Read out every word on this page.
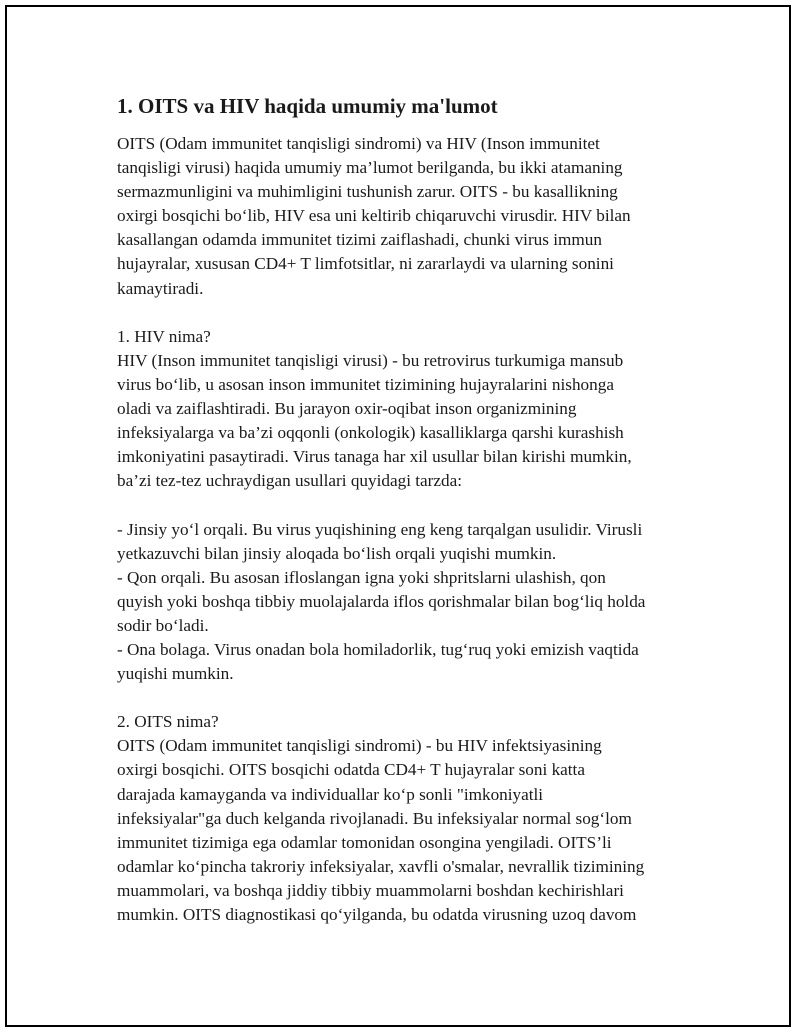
1. OITS va HIV haqida umumiy ma'lumot

OITS (Odam immunitet tanqisligi sindromi) va HIV (Inson immunitet

tanqisligi virusi) haqida umumiy ma’lumot berilganda, bu ikki atamaning

sermazmunligini va muhimligini tushunish zarur. OITS - bu kasallikning

oxirgi bosqichi bo‘lib, HIV esa uni keltirib chiqaruvchi virusdir. HIV bilan

kasallangan odamda immunitet tizimi zaiflashadi, chunki virus immun

hujayralar, xususan CD4+ T limfotsitlar, ni zararlaydi va ularning sonini

kamaytiradi.

1. HIV nima?

HIV (Inson immunitet tanqisligi virusi) - bu retrovirus turkumiga mansub

virus bo‘lib, u asosan inson immunitet tizimining hujayralarini nishonga

oladi va zaiflashtiradi. Bu jarayon oxir-oqibat inson organizmining

infeksiyalarga va ba’zi oqqonli (onkologik) kasalliklarga qarshi kurashish

imkoniyatini pasaytiradi. Virus tanaga har xil usullar bilan kirishi mumkin,

ba’zi tez-tez uchraydigan usullari quyidagi tarzda:

- Jinsiy yo‘l orqali. Bu virus yuqishining eng keng tarqalgan usulidir. Virusli

yetkazuvchi bilan jinsiy aloqada bo‘lish orqali yuqishi mumkin.

- Qon orqali. Bu asosan ifloslangan igna yoki shpritslarni ulashish, qon

quyish yoki boshqa tibbiy muolajalarda iflos qorishmalar bilan bog‘liq holda

sodir bo‘ladi.

- Ona bolaga. Virus onadan bola homiladorlik, tug‘ruq yoki emizish vaqtida

yuqishi mumkin.

2. OITS nima?

OITS (Odam immunitet tanqisligi sindromi) - bu HIV infektsiyasining

oxirgi bosqichi. OITS bosqichi odatda CD4+ T hujayralar soni katta

darajada kamayganda va individuallar ko‘p sonli "imkoniyatli

infeksiyalar"ga duch kelganda rivojlanadi. Bu infeksiyalar normal sog‘lom

immunitet tizimiga ega odamlar tomonidan osongina yengiladi. OITS’li

odamlar ko‘pincha takroriy infeksiyalar, xavfli o'smalar, nevrallik tizimining

muammolari, va boshqa jiddiy tibbiy muammolarni boshdan kechirishlari

mumkin. OITS diagnostikasi qo‘yilganda, bu odatda virusning uzoq davom
